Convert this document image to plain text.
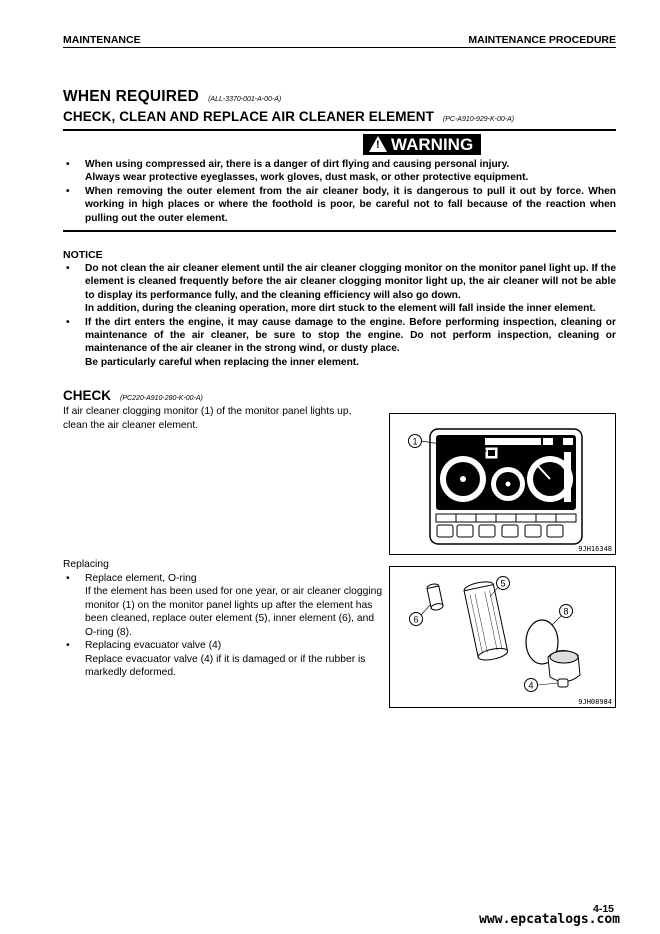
MAINTENANCE	MAINTENANCE PROCEDURE
WHEN REQUIRED (ALL-3370-001-A-00-A)
CHECK, CLEAN AND REPLACE AIR CLEANER ELEMENT (PC-A910-929-K-00-A)
! WARNING
• When using compressed air, there is a danger of dirt flying and causing personal injury.
Always wear protective eyeglasses, work gloves, dust mask, or other protective equipment.
• When removing the outer element from the air cleaner body, it is dangerous to pull it out by force. When working in high places or where the foothold is poor, be careful not to fall because of the reaction when pulling out the outer element.
NOTICE
• Do not clean the air cleaner element until the air cleaner clogging monitor on the monitor panel light up. If the element is cleaned frequently before the air cleaner clogging monitor light up, the air cleaner will not be able to display its performance fully, and the cleaning efficiency will also go down.
In addition, during the cleaning operation, more dirt stuck to the element will fall inside the inner element.
• If the dirt enters the engine, it may cause damage to the engine. Before performing inspection, cleaning or maintenance of the air cleaner, be sure to stop the engine. Do not perform inspection, cleaning or maintenance of the air cleaner in the strong wind, or dusty place.
Be particularly careful when replacing the inner element.
CHECK (PC220-A910-280-K-00-A)
If air cleaner clogging monitor (1) of the monitor panel lights up, clean the air cleaner element.
1
9JH16348
Replacing
• Replace element, O-ring
If the element has been used for one year, or air cleaner clogging monitor (1) on the monitor panel lights up after the element has been cleaned, replace outer element (5), inner element (6), and O-ring (8).
• Replacing evacuator valve (4)
Replace evacuator valve (4) if it is damaged or if the rubber is markedly deformed.
5
6
8
4
9JH08984
4-15
www.epcatalogs.com
